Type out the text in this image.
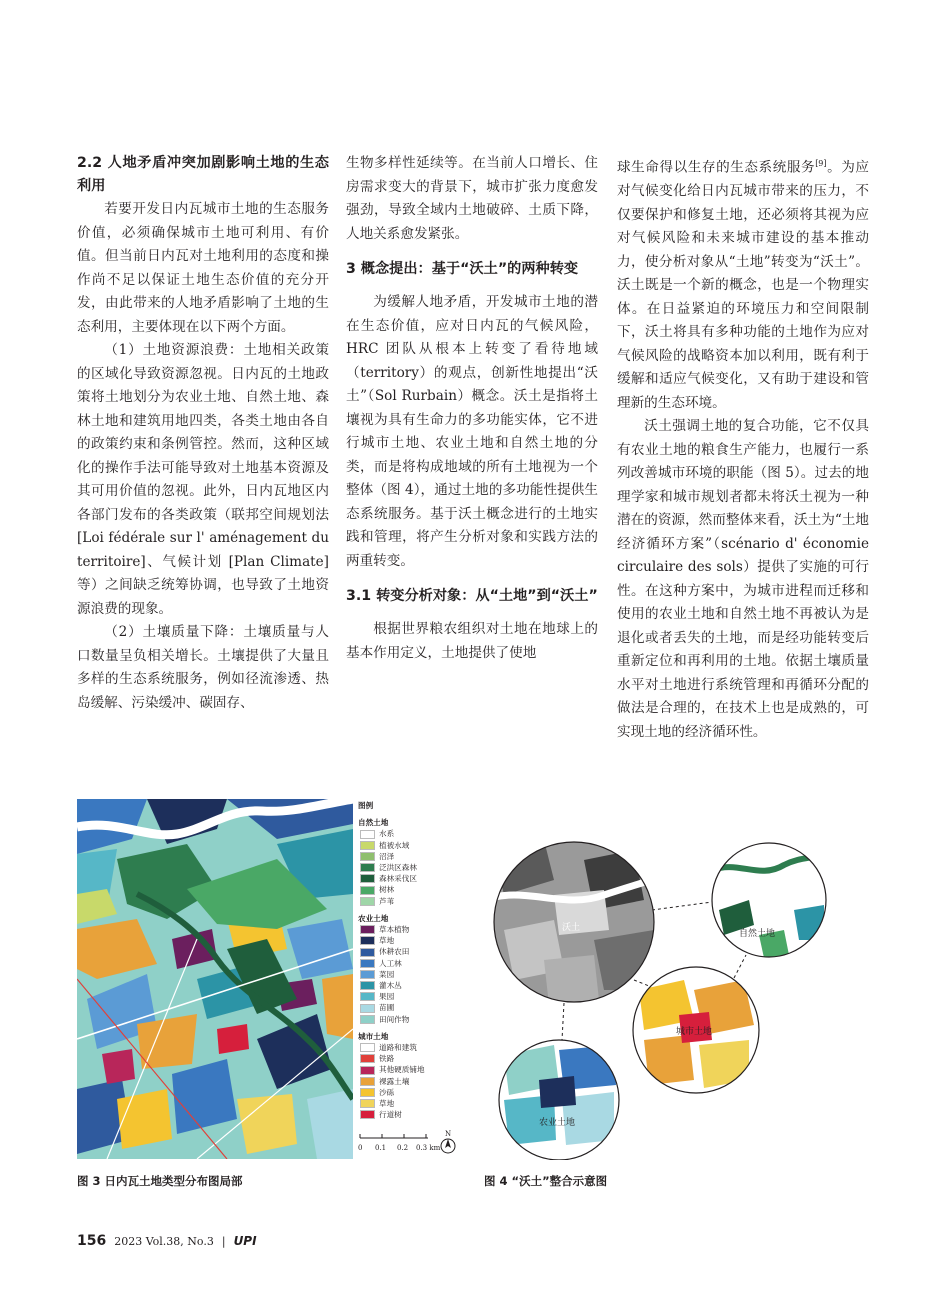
2.2 人地矛盾冲突加剧影响土地的生态利用

若要开发日内瓦城市土地的生态服务价值，必须确保城市土地可利用、有价值。但当前日内瓦对土地利用的态度和操作尚不足以保证土地生态价值的充分开发，由此带来的人地矛盾影响了土地的生态利用，主要体现在以下两个方面。

（1）土地资源浪费：土地相关政策的区域化导致资源忽视。日内瓦的土地政策将土地划分为农业土地、自然土地、森林土地和建筑用地四类，各类土地由各自的政策约束和条例管控。然而，这种区域化的操作手法可能导致对土地基本资源及其可用价值的忽视。此外，日内瓦地区内各部门发布的各类政策（联邦空间规划法 [Loi fédérale sur l' aménagement du territoire]、气候计划 [Plan Climate] 等）之间缺乏统筹协调，也导致了土地资源浪费的现象。

（2）土壤质量下降：土壤质量与人口数量呈负相关增长。土壤提供了大量且多样的生态系统服务，例如径流渗透、热岛缓解、污染缓冲、碳固存、

生物多样性延续等。在当前人口增长、住房需求变大的背景下，城市扩张力度愈发强劲，导致全域内土地破碎、土质下降，人地关系愈发紧张。

3 概念提出：基于“沃土”的两种转变

为缓解人地矛盾，开发城市土地的潜在生态价值，应对日内瓦的气候风险，HRC 团队从根本上转变了看待地域（territory）的观点，创新性地提出“沃土”（Sol Rurbain）概念。沃土是指将土壤视为具有生命力的多功能实体，它不进行城市土地、农业土地和自然土地的分类，而是将构成地域的所有土地视为一个整体（图 4），通过土地的多功能性提供生态系统服务。基于沃土概念进行的土地实践和管理，将产生分析对象和实践方法的两重转变。

3.1 转变分析对象：从“土地”到“沃土”

根据世界粮农组织对土地在地球上的基本作用定义，土地提供了使地

球生命得以生存的生态系统服务[9]。为应对气候变化给日内瓦城市带来的压力，不仅要保护和修复土地，还必须将其视为应对气候风险和未来城市建设的基本推动力，使分析对象从“土地”转变为“沃土”。沃土既是一个新的概念，也是一个物理实体。在日益紧迫的环境压力和空间限制下，沃土将具有多种功能的土地作为应对气候风险的战略资本加以利用，既有利于缓解和适应气候变化，又有助于建设和管理新的生态环境。

沃土强调土地的复合功能，它不仅具有农业土地的粮食生产能力，也履行一系列改善城市环境的职能（图 5）。过去的地理学家和城市规划者都未将沃土视为一种潜在的资源，然而整体来看，沃土为“土地经济循环方案”（scénario d' économie circulaire des sols）提供了实施的可行性。在这种方案中，为城市进程而迁移和使用的农业土地和自然土地不再被认为是退化或者丢失的土地，而是经功能转变后重新定位和再利用的土地。依据土壤质量水平对土地进行系统管理和再循环分配的做法是合理的，在技术上也是成熟的，可实现土地的经济循环性。

图例
自然土地
水系
植被水域
沼泽
泛洪区森林
森林采伐区
树林
芦苇
农业土地
草本植物
草地
休耕农田
人工林
菜园
灌木丛
果园
苗圃
田间作物
城市土地
道路和建筑
铁路
其他硬质铺地
裸露土壤
沙砾
草地
行道树
0 0.1 0.2 0.3 km
N
沃土
自然土地
城市土地
农业土地
图 3 日内瓦土地类型分布图局部	图 4 “沃土”整合示意图
156 2023 Vol.38, No.3 | UPI
